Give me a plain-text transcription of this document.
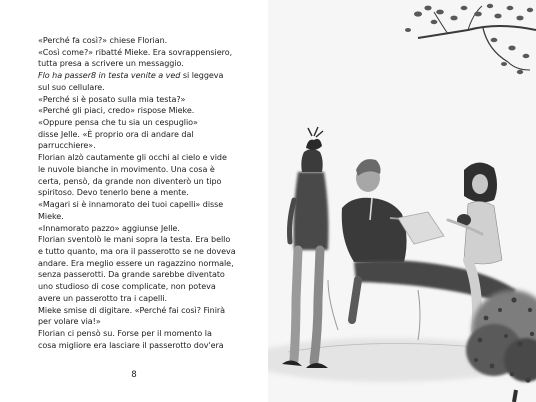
«Perché fa così?» chiese Florian.
«Così come?» ribatté Mieke. Era sovrappensiero,
tutta presa a scrivere un messaggio.
Flo ha passer8 in testa venite a ved si leggeva
sul suo cellulare.
«Perché si è posato sulla mia testa?»
«Perché gli piaci, credo» rispose Mieke.
«Oppure pensa che tu sia un cespuglio»
disse Jelle. «È proprio ora di andare dal
parrucchiere».
Florian alzò cautamente gli occhi al cielo e vide
le nuvole bianche in movimento. Una cosa è
certa, pensò, da grande non diventerò un tipo
spiritoso. Devo tenerlo bene a mente.
«Magari si è innamorato dei tuoi capelli» disse
Mieke.
«Innamorato pazzo» aggiunse Jelle.
Florian sventolò le mani sopra la testa. Era bello
e tutto quanto, ma ora il passerotto se ne doveva
andare. Era meglio essere un ragazzino normale,
senza passerotti. Da grande sarebbe diventato
uno studioso di cose complicate, non poteva
avere un passerotto tra i capelli.
Mieke smise di digitare. «Perché fai così? Finirà
per volare via!»
Florian ci pensò su. Forse per il momento la
cosa migliore era lasciare il passerotto dov'era
8
